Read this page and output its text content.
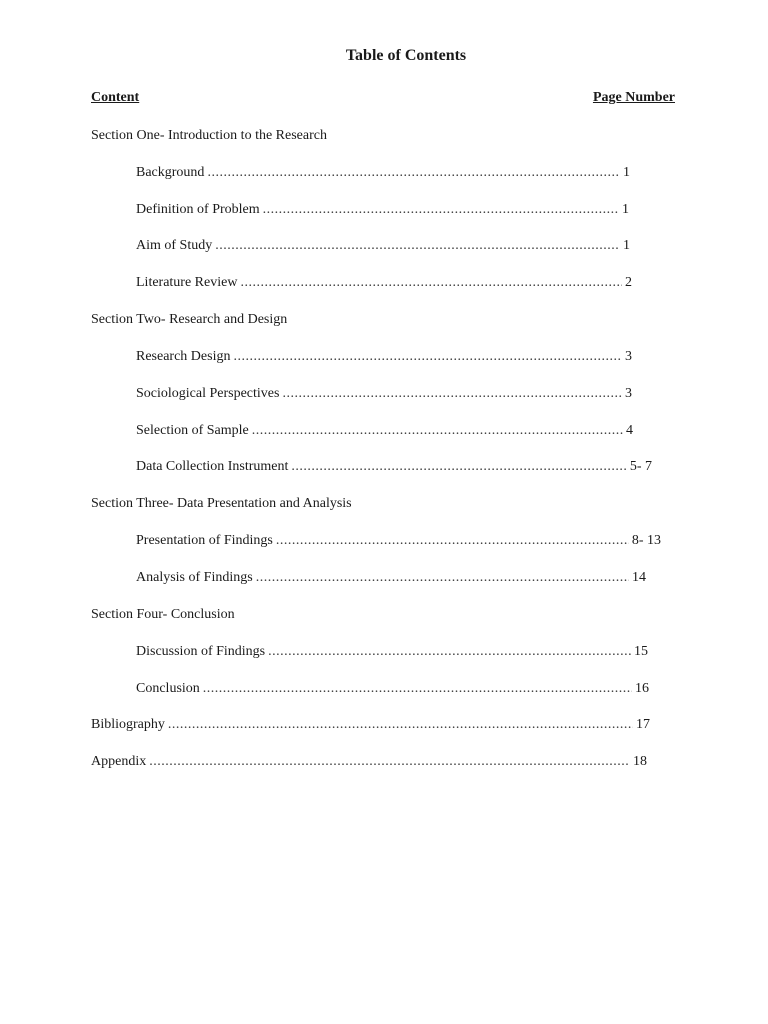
Table of Contents
Content	Page Number
Section One- Introduction to the Research
Background .....	1
Definition of Problem .....	1
Aim of Study .....	1
Literature Review .....	2
Section Two- Research and Design
Research Design .....	3
Sociological Perspectives .....	3
Selection of Sample .....	4
Data Collection Instrument .....	5- 7
Section Three- Data Presentation and Analysis
Presentation of Findings .....	8- 13
Analysis of Findings .....	14
Section Four- Conclusion
Discussion of Findings .....	15
Conclusion .....	16
Bibliography .....	17
Appendix .....	18
